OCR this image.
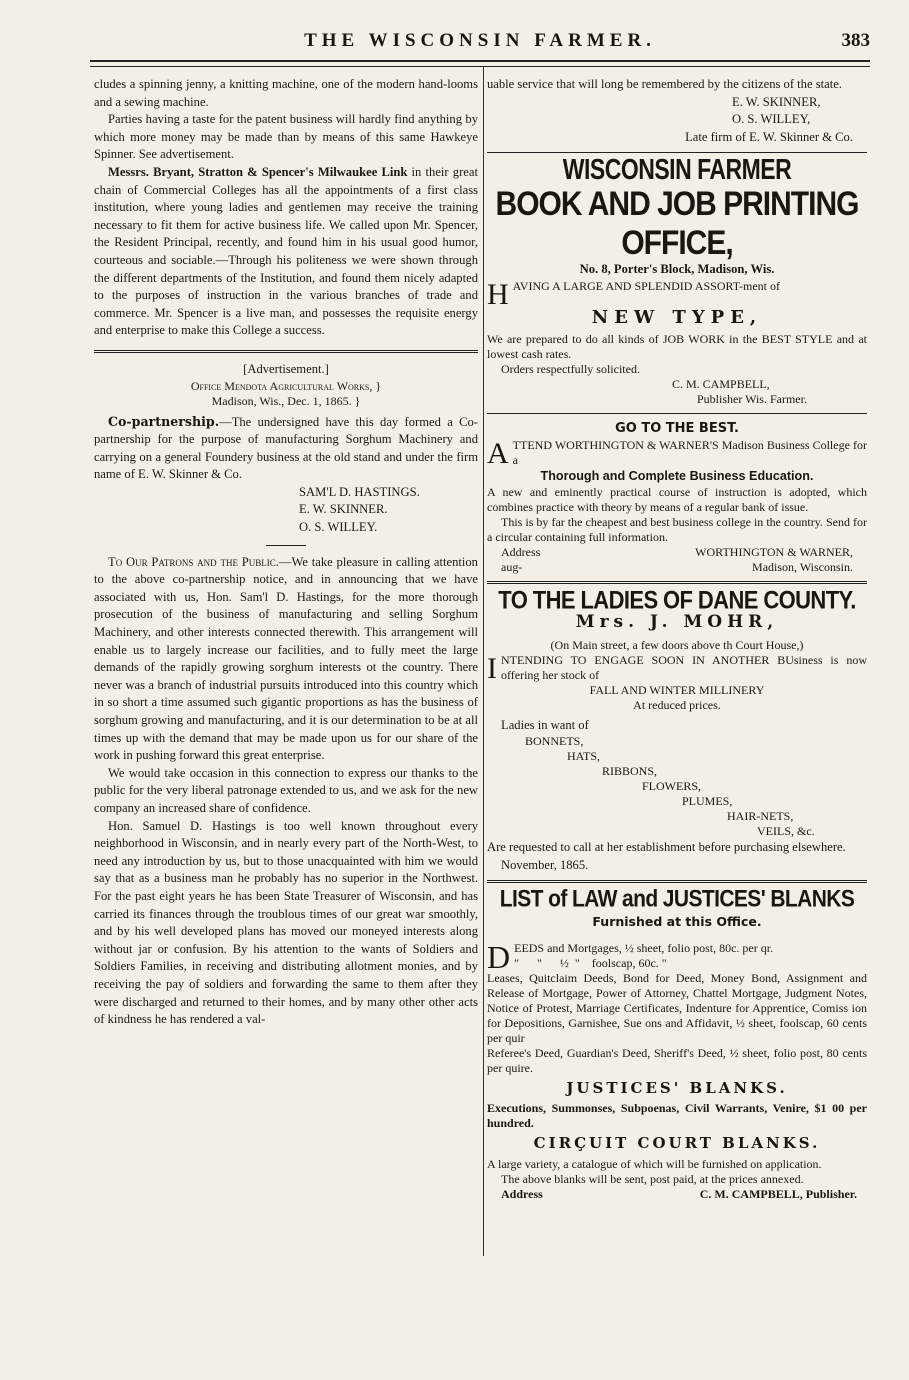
THE WISCONSIN FARMER.	383

cludes a spinning jenny, a knitting machine, one of the modern hand-looms and a sewing machine.

Parties having a taste for the patent business will hardly find anything by which more money may be made than by means of this same Hawkeye Spinner. See advertisement.

Messrs. Bryant, Stratton & Spencer's Milwaukee Link in their great chain of Commercial Colleges has all the appointments of a first class institution, where young ladies and gentlemen may receive the training necessary to fit them for active business life. We called upon Mr. Spencer, the Resident Principal, recently, and found him in his usual good humor, courteous and sociable.—Through his politeness we were shown through the different departments of the Institution, and found them nicely adapted to the purposes of instruction in the various branches of trade and commerce. Mr. Spencer is a live man, and possesses the requisite energy and enterprise to make this College a success.

[Advertisement.]

Office Mendota Agricultural Works, }

Madison, Wis., Dec. 1, 1865. }

Co-partnership.—The undersigned have this day formed a Co-partnership for the purpose of manufacturing Sorghum Machinery and carrying on a general Foundery business at the old stand and under the firm name of E. W. Skinner & Co.

SAM'L D. HASTINGS.

E. W. SKINNER.

O. S. WILLEY.

To Our Patrons and the Public.—We take pleasure in calling attention to the above co-partnership notice, and in announcing that we have associated with us, Hon. Sam'l D. Hastings, for the more thorough prosecution of the business of manufacturing and selling Sorghum Machinery, and other interests connected therewith. This arrangement will enable us to largely increase our facilities, and to fully meet the large demands of the rapidly growing sorghum interests ot the country. There never was a branch of industrial pursuits introduced into this country which in so short a time assumed such gigantic proportions as has the business of sorghum growing and manufacturing, and it is our determination to be at all times up with the demand that may be made upon us for our share of the work in pushing forward this great enterprise.

We would take occasion in this connection to express our thanks to the public for the very liberal patronage extended to us, and we ask for the new company an increased share of confidence.

Hon. Samuel D. Hastings is too well known throughout every neighborhood in Wisconsin, and in nearly every part of the North-West, to need any introduction by us, but to those unacquainted with him we would say that as a business man he probably has no superior in the Northwest. For the past eight years he has been State Treasurer of Wisconsin, and has carried its finances through the troublous times of our great war smoothly, and by his well developed plans has moved our moneyed interests along without jar or confusion. By his attention to the wants of Soldiers and Soldiers Families, in receiving and distributing allotment monies, and by receiving the pay of soldiers and forwarding the same to them after they were discharged and returned to their homes, and by many other other acts of kindness he has rendered a val-

uable service that will long be remembered by the citizens of the state.

E. W. SKINNER,

O. S. WILLEY,

Late firm of E. W. Skinner & Co.

WISCONSIN FARMER
BOOK AND JOB PRINTING OFFICE,

No. 8, Porter's Block, Madison, Wis.

HAVING A LARGE AND SPLENDID ASSORT-ment of

NEW TYPE,

We are prepared to do all kinds of JOB WORK in the BEST STYLE and at lowest cash rates.

Orders respectfully solicited.

C. M. CAMPBELL,

Publisher Wis. Farmer.

GO TO THE BEST.

ATTEND WORTHINGTON & WARNER'S Madison Business College for a

Thorough and Complete Business Education.

A new and eminently practical course of instruction is adopted, which combines practice with theory by means of a regular bank of issue.

This is by far the cheapest and best business college in the country. Send for a circular containing full information.

Address	WORTHINGTON & WARNER,
aug-	Madison, Wisconsin.
TO THE LADIES OF DANE COUNTY.
Mrs. J. MOHR,

(On Main street, a few doors above th Court House,)

INTENDING TO ENGAGE SOON IN ANOTHER BUsiness is now offering her stock of

FALL AND WINTER MILLINERY

At reduced prices.

Ladies in want of

BONNETS,
HATS,
RIBBONS,
FLOWERS,
PLUMES,
HAIR-NETS,
VEILS, &c.

Are requested to call at her establishment before purchasing elsewhere.

November, 1865.

LIST of LAW and JUSTICES' BLANKS

Furnished at this Office.

D EEDS and Mortgages, ½ sheet, folio post, 80c. per qr.
"      "      ½  "    foolscap, 60c. "

Leases, Quitclaim Deeds, Bond for Deed, Money Bond, Assignment and Release of Mortgage, Power of Attorney, Chattel Mortgage, Judgment Notes, Notice of Protest, Marriage Certificates, Indenture for Apprentice, Comiss ion for Depositions, Garnishee, Sue ons and Affidavit, ½ sheet, foolscap, 60 cents per quir

Referee's Deed, Guardian's Deed, Sheriff's Deed, ½ sheet, folio post, 80 cents per quire.

JUSTICES' BLANKS.

Executions, Summonses, Subpoenas, Civil Warrants, Venire, $1 00 per hundred.

CIRÇUIT COURT BLANKS.

A large variety, a catalogue of which will be furnished on application.

The above blanks will be sent, post paid, at the prices annexed.

Address	C. M. CAMPBELL, Publisher.
